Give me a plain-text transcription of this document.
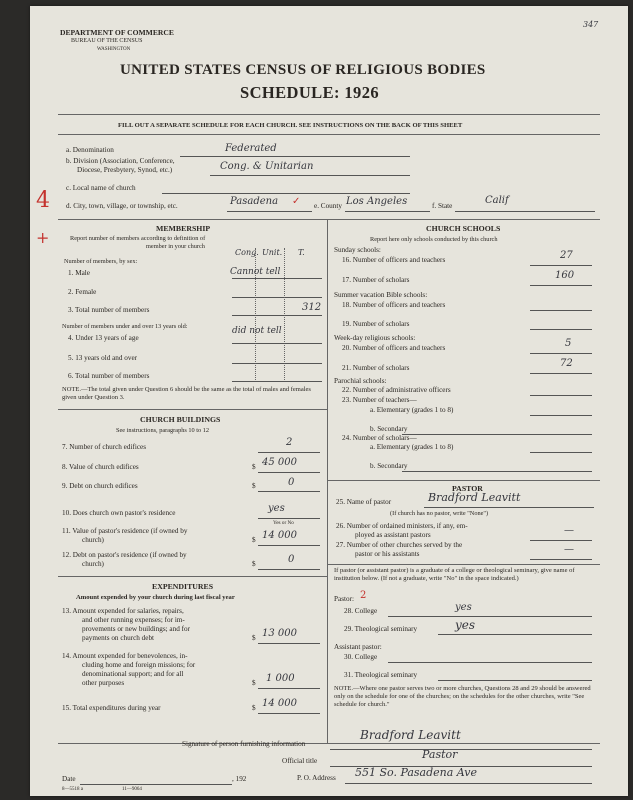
DEPARTMENT OF COMMERCE
BUREAU OF THE CENSUS
WASHINGTON
347
UNITED STATES CENSUS OF RELIGIOUS BODIES
SCHEDULE: 1926
FILL OUT A SEPARATE SCHEDULE FOR EACH CHURCH. SEE INSTRUCTIONS ON THE BACK OF THIS SHEET
a. Denomination	Federated
b. Division (Association, Conference,
Diocese, Presbytery, Synod, etc.)	Cong. & Unitarian
c. Local name of church
4
+
d. City, town, village, or township, etc.	Pasadena ✓ e. County Los Angeles	f. State	Calif
MEMBERSHIP
Report number of members according to definition of
member in your church
Number of members, by sex:
Cong. Unit. T.
1. Male	Cannot tell
2. Female
3. Total number of members	312
Number of members under and over 13 years old:	did not tell
4. Under 13 years of age
5. 13 years old and over
6. Total number of members
NOTE.—The total given under Question 6 should be the same as the total of males and females given under Question 3.
CHURCH BUILDINGS
See instructions, paragraphs 10 to 12
7. Number of church edifices	2
8. Value of church edifices	$ 45 000
9. Debt on church edifices	$	0
10. Does church own pastor's residence	yes
Yes or No
11. Value of pastor's residence (if owned by
church)	$ 14 000
12. Debt on pastor's residence (if owned by
church)	$	0
EXPENDITURES
Amount expended by your church during last fiscal year
13. Amount expended for salaries, repairs,
and other running expenses; for im-
provements or new buildings; and for
payments on church debt	$ 13 000
14. Amount expended for benevolences, in-
cluding home and foreign missions; for
denominational support; and for all
other purposes	$ 1 000
15. Total expenditures during year	$ 14 000
CHURCH SCHOOLS
Report here only schools conducted by this church
Sunday schools:
16. Number of officers and teachers	27
17. Number of scholars	160
Summer vacation Bible schools:
18. Number of officers and teachers
19. Number of scholars
Week-day religious schools:
20. Number of officers and teachers	5
21. Number of scholars	72
Parochial schools:
22. Number of administrative officers
23. Number of teachers—
a. Elementary (grades 1 to 8)
b. Secondary
24. Number of scholars—
a. Elementary (grades 1 to 8)
b. Secondary
PASTOR
25. Name of pastor	Bradford Leavitt
(If church has no pastor, write "None")
26. Number of ordained ministers, if any, em-
ployed as assistant pastors	—
27. Number of other churches served by the
pastor or his assistants	—
If pastor (or assistant pastor) is a graduate of a college or theological seminary, give name of institution below. (If not a graduate, write "No" in the space indicated.)
Pastor: 2
28. College	yes
29. Theological seminary	yes
Assistant pastor:
30. College
31. Theological seminary
NOTE.—Where one pastor serves two or more churches, Questions 28 and 29 should be answered only on the schedule for one of the churches; on the schedules for the other churches, write "See schedule for church."
Signature of person furnishing information
Bradford Leavitt
Official title	Pastor
Date	, 192	P. O. Address 551 So. Pasadena Ave
8—5518 a	11—9064
